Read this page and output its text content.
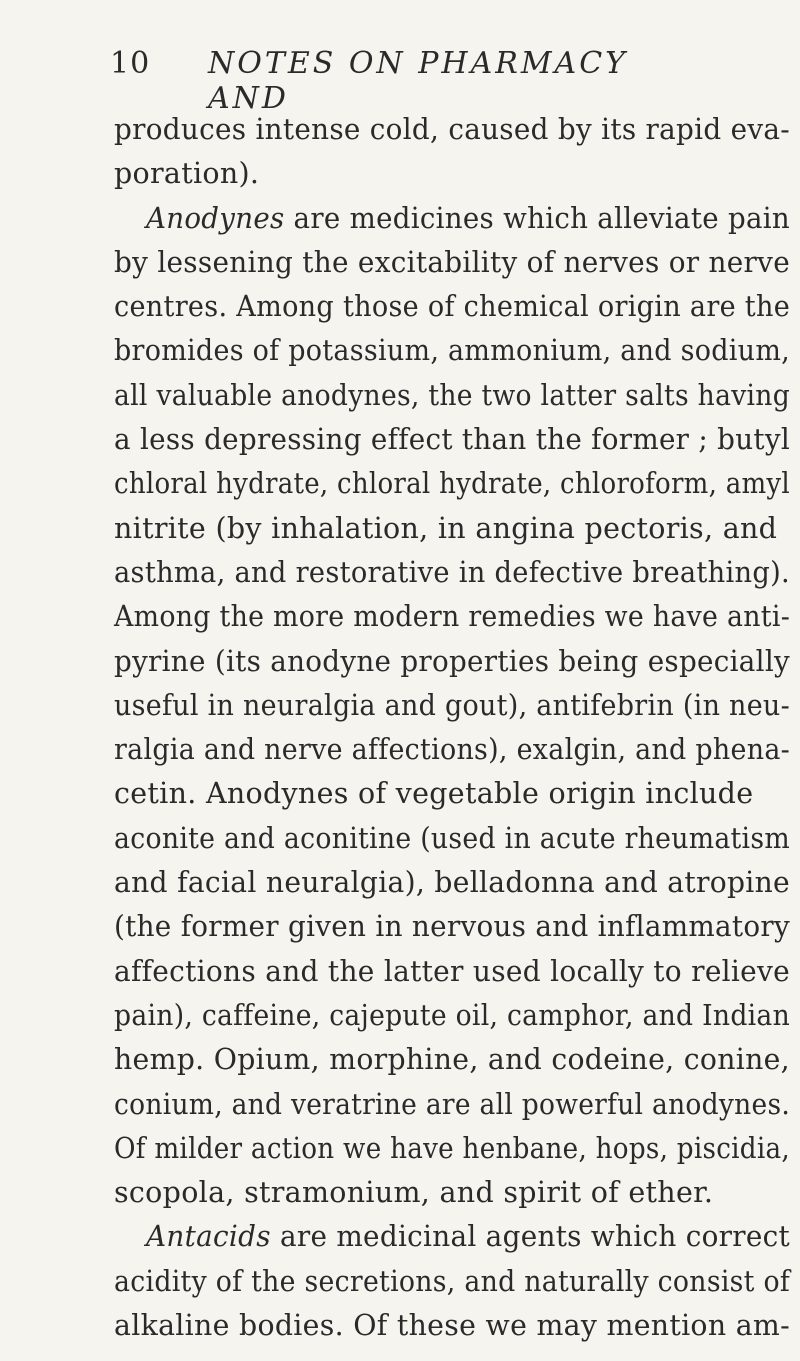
10 NOTES ON PHARMACY AND
produces intense cold, caused by its rapid eva-
poration).
Anodynes are medicines which alleviate pain
by lessening the excitability of nerves or nerve
centres. Among those of chemical origin are the
bromides of potassium, ammonium, and sodium,
all valuable anodynes, the two latter salts having
a less depressing effect than the former ; butyl
chloral hydrate, chloral hydrate, chloroform, amyl
nitrite (by inhalation, in angina pectoris, and
asthma, and restorative in defective breathing).
Among the more modern remedies we have anti-
pyrine (its anodyne properties being especially
useful in neuralgia and gout), antifebrin (in neu-
ralgia and nerve affections), exalgin, and phena-
cetin. Anodynes of vegetable origin include
aconite and aconitine (used in acute rheumatism
and facial neuralgia), belladonna and atropine
(the former given in nervous and inflammatory
affections and the latter used locally to relieve
pain), caffeine, cajepute oil, camphor, and Indian
hemp. Opium, morphine, and codeine, conine,
conium, and veratrine are all powerful anodynes.
Of milder action we have henbane, hops, piscidia,
scopola, stramonium, and spirit of ether.
Antacids are medicinal agents which correct
acidity of the secretions, and naturally consist of
alkaline bodies. Of these we may mention am-
